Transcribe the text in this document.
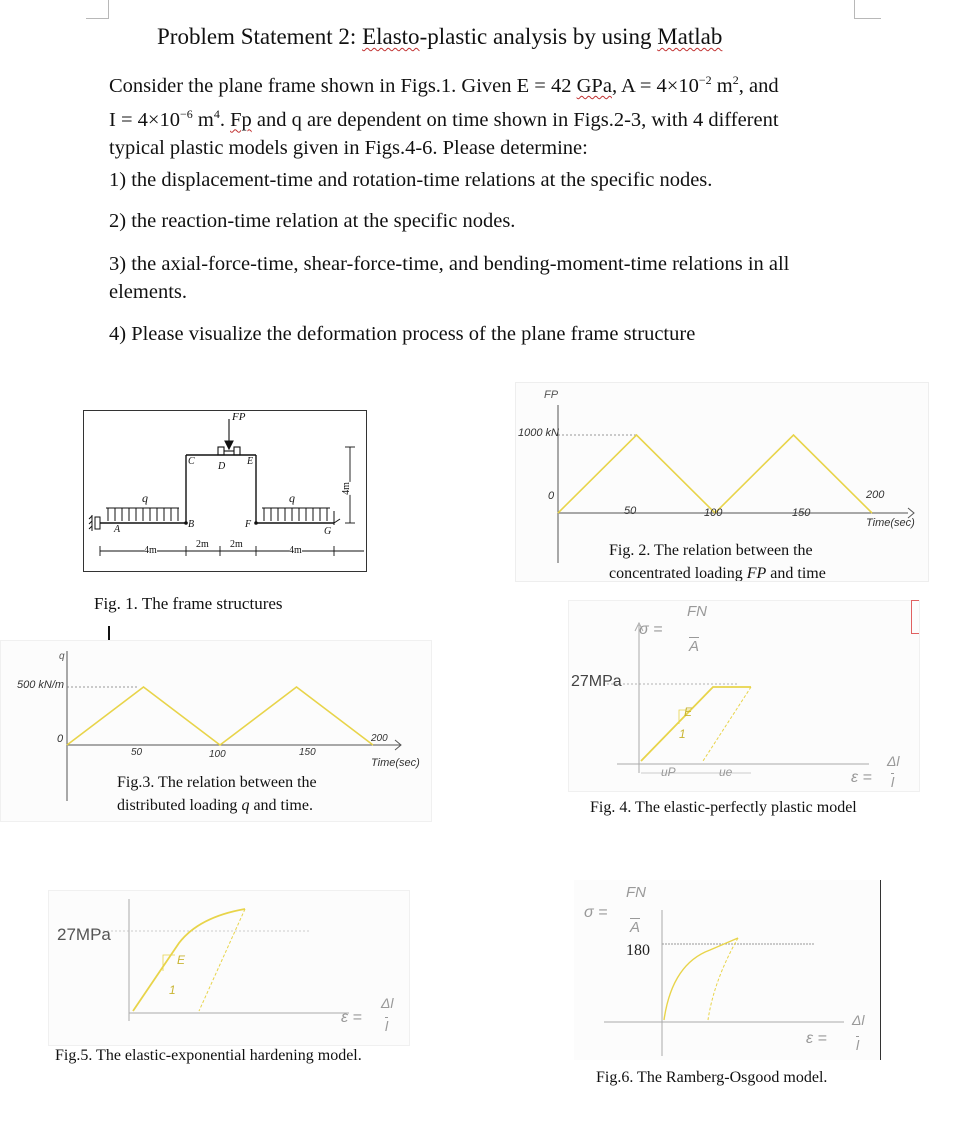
Problem Statement 2: Elasto-plastic analysis by using Matlab
Consider the plane frame shown in Figs.1. Given E = 42 GPa, $A = 4\times 10^{-2}$ $m^2$, and
$I = 4\times 10^{-6}$ $m^4$. Fp and q are dependent on time shown in Figs.2-3, with 4 different
typical plastic models given in Figs.4-6. Please determine:
1) the displacement-time and rotation-time relations at the specific nodes.
2) the reaction-time relation at the specific nodes.
3) the axial-force-time, shear-force-time, and bending-moment-time relations in all elements.
4) Please visualize the deformation process of the plane frame structure
FP
q	q
A	B
C D E
F
G
4m
2m 2m
4m
4m
Fig. 1. The frame structures
FP
1000 kN
0
50	100	150
200
Time(sec)
Fig. 2. The relation between the
concentrated loading FP and time
q
500 kN/m
0
50	100	150
200
Time(sec)
Fig.3. The relation between the
distributed loading q and time.
σ =
FN
A
27MPa
E
1
uP	ue	ε =
Δl
l
Fig. 4. The elastic-perfectly plastic model
27MPa
E
1
ε =
Δl
l
Fig.5. The elastic-exponential hardening model.
σ =
FN
A
180
ε =
Δl
l
Fig.6. The Ramberg-Osgood model.
